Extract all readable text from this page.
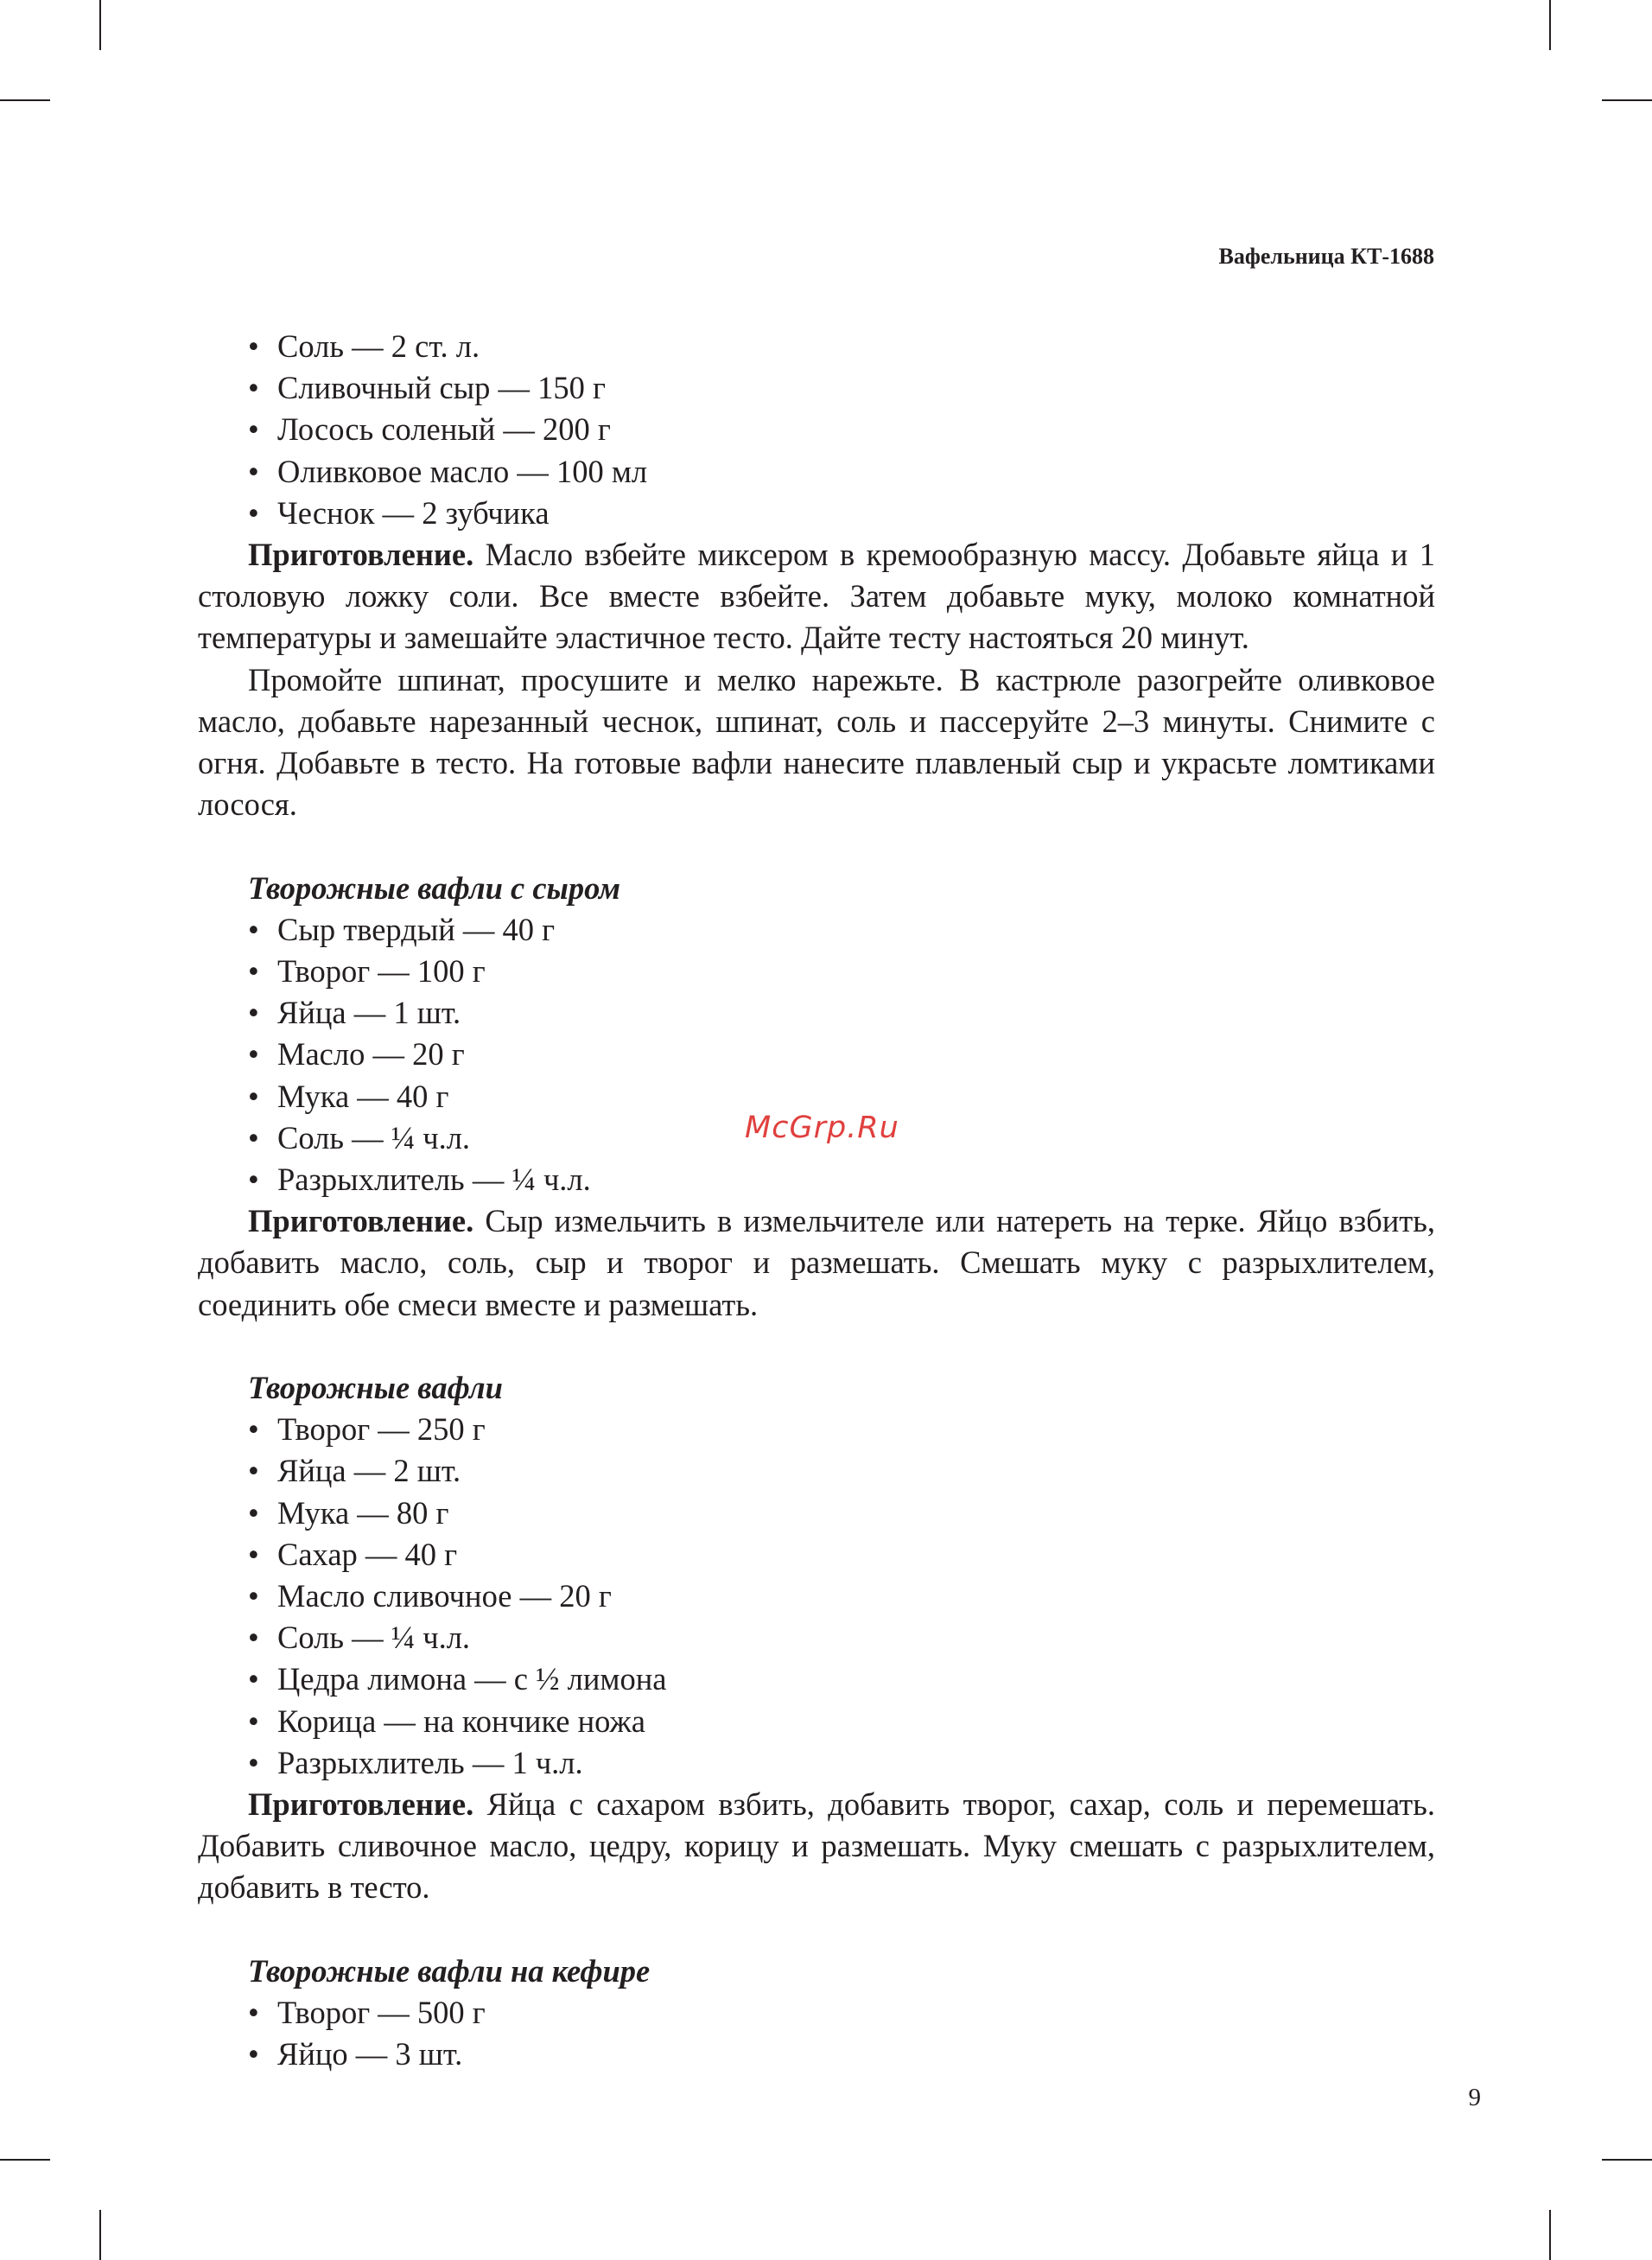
Вафельница КТ-1688
• Соль — 2 ст. л.
• Сливочный сыр — 150 г
• Лосось соленый — 200 г
• Оливковое масло — 100 мл
• Чеснок — 2 зубчика

Приготовление. Масло взбейте миксером в кремообразную массу. Добавьте яйца и 1 столовую ложку соли. Все вместе взбейте. Затем добавьте муку, молоко комнатной температуры и замешайте эластичное тесто. Дайте тесту настояться 20 минут.

Промойте шпинат, просушите и мелко нарежьте. В кастрюле разогрейте оливковое масло, добавьте нарезанный чеснок, шпинат, соль и пассеруйте 2–3 минуты. Снимите с огня. Добавьте в тесто. На готовые вафли нанесите плавленый сыр и украсьте ломтиками лосося.

Творожные вафли с сыром
• Сыр твердый — 40 г
• Творог — 100 г
• Яйца — 1 шт.
• Масло — 20 г
• Мука — 40 г
• Соль — ¼ ч.л.
• Разрыхлитель — ¼ ч.л.

Приготовление. Сыр измельчить в измельчителе или натереть на терке. Яйцо взбить, добавить масло, соль, сыр и творог и размешать. Смешать муку с разрыхлителем, соединить обе смеси вместе и размешать.

Творожные вафли
• Творог — 250 г
• Яйца — 2 шт.
• Мука — 80 г
• Сахар — 40 г
• Масло сливочное — 20 г
• Соль — ¼ ч.л.
• Цедра лимона — с ½ лимона
• Корица — на кончике ножа
• Разрыхлитель — 1 ч.л.

Приготовление. Яйца с сахаром взбить, добавить творог, сахар, соль и перемешать. Добавить сливочное масло, цедру, корицу и размешать. Муку смешать с разрыхлителем, добавить в тесто.

Творожные вафли на кефире
• Творог — 500 г
• Яйцо — 3 шт.
McGrp.Ru
9
